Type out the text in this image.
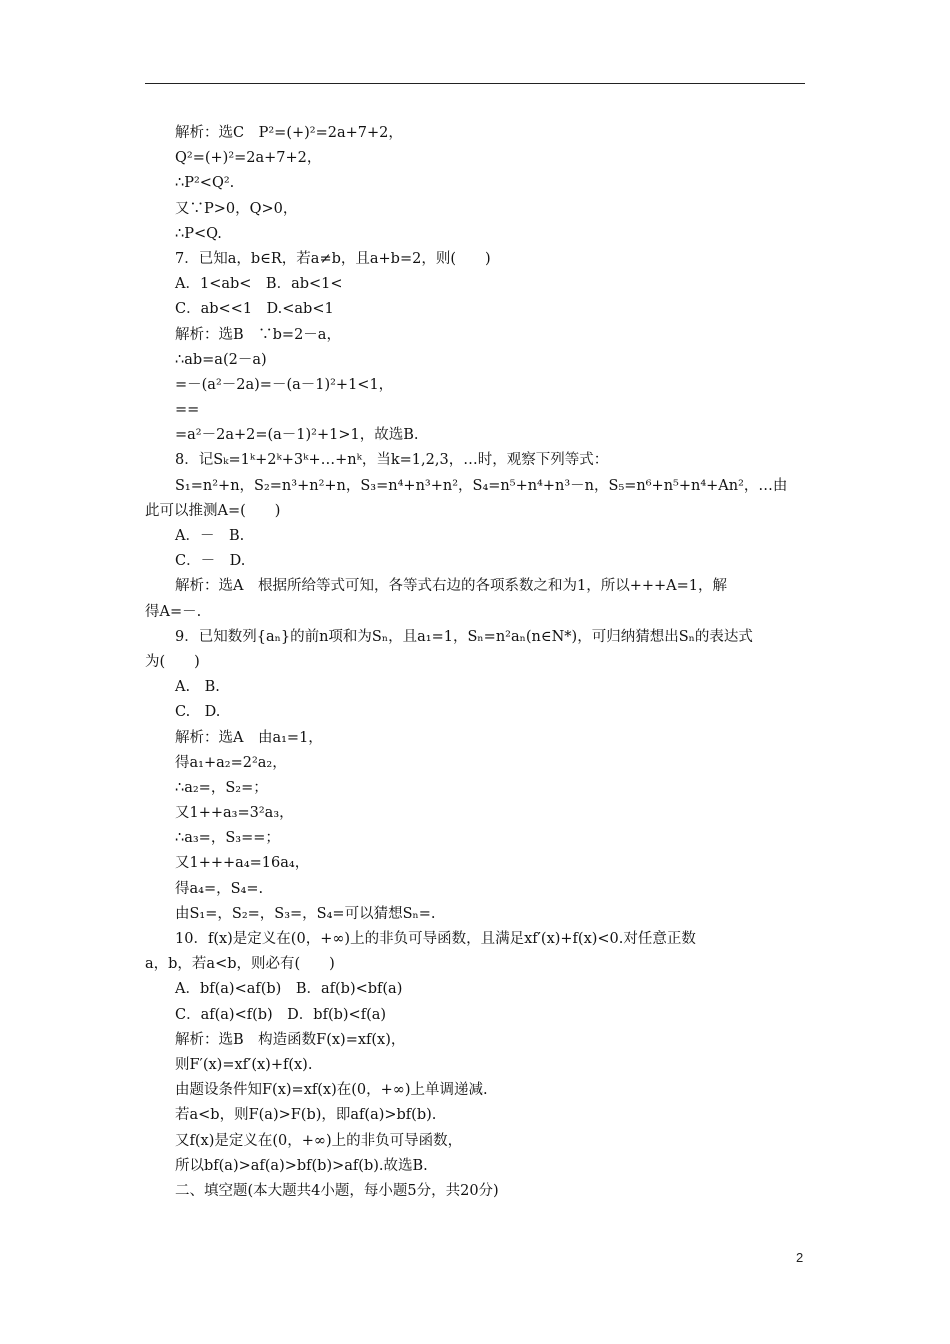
解析：选C　P²=(+)²=2a+7+2，
Q²=(+)²=2a+7+2，
∴P²<Q².
又∵P>0，Q>0，
∴P<Q.
7．已知a，b∈R，若a≠b，且a+b=2，则(　　)
A．1<ab<　B．ab<1<
C．ab<<1　D.<ab<1
解析：选B　∵b=2－a，
∴ab=a(2－a)
=－(a²－2a)=－(a－1)²+1<1，
==
=a²－2a+2=(a－1)²+1>1，故选B.
8．记Sₖ=1ᵏ+2ᵏ+3ᵏ+…+nᵏ，当k=1,2,3，…时，观察下列等式：
S₁=n²+n，S₂=n³+n²+n，S₃=n⁴+n³+n²，S₄=n⁵+n⁴+n³－n，S₅=n⁶+n⁵+n⁴+An²，…由
此可以推测A=(　　)
A．－　B.
C．－　D.
解析：选A　根据所给等式可知，各等式右边的各项系数之和为1，所以+++A=1，解
得A=－.
9．已知数列{aₙ}的前n项和为Sₙ，且a₁=1，Sₙ=n²aₙ(n∈N*)，可归纳猜想出Sₙ的表达式
为(　　)
A.　B.
C.　D.
解析：选A　由a₁=1，
得a₁+a₂=2²a₂，
∴a₂=，S₂=；
又1++a₃=3²a₃，
∴a₃=，S₃==；
又1+++a₄=16a₄，
得a₄=，S₄=.
由S₁=，S₂=，S₃=，S₄=可以猜想Sₙ=.
10．f(x)是定义在(0，+∞)上的非负可导函数，且满足xf′(x)+f(x)<0.对任意正数
a，b，若a<b，则必有(　　)
A．bf(a)<af(b)　B．af(b)<bf(a)
C．af(a)<f(b)　D．bf(b)<f(a)
解析：选B　构造函数F(x)=xf(x)，
则F′(x)=xf′(x)+f(x).
由题设条件知F(x)=xf(x)在(0，+∞)上单调递减.
若a<b，则F(a)>F(b)，即af(a)>bf(b).
又f(x)是定义在(0，+∞)上的非负可导函数，
所以bf(a)>af(a)>bf(b)>af(b).故选B.
二、填空题(本大题共4小题，每小题5分，共20分)
2
